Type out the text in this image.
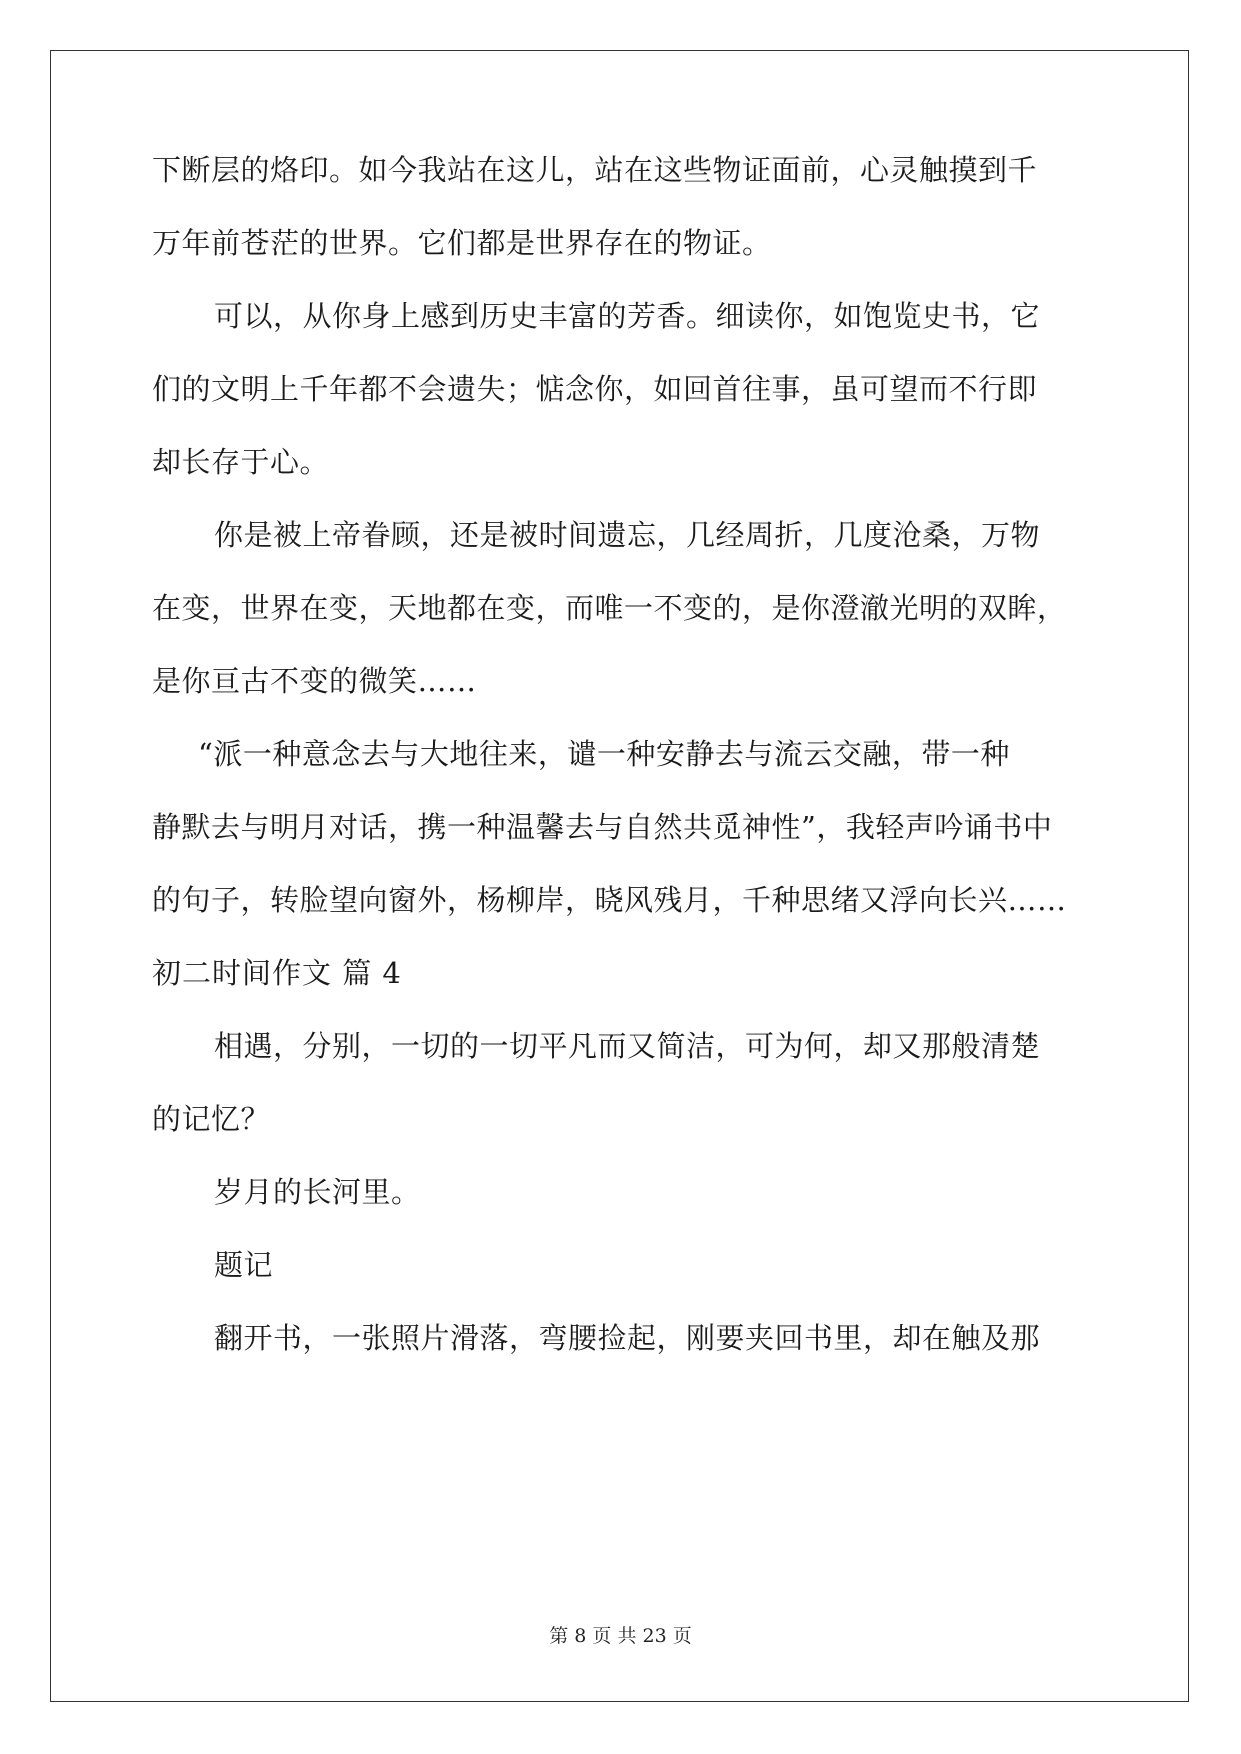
下断层的烙印。如今我站在这儿，站在这些物证面前，心灵触摸到千
万年前苍茫的世界。它们都是世界存在的物证。
可以，从你身上感到历史丰富的芳香。细读你，如饱览史书，它
们的文明上千年都不会遗失；惦念你，如回首往事，虽可望而不行即
却长存于心。
你是被上帝眷顾，还是被时间遗忘，几经周折，几度沧桑，万物
在变，世界在变，天地都在变，而唯一不变的，是你澄澈光明的双眸，
是你亘古不变的微笑……
“派一种意念去与大地往来，谴一种安静去与流云交融，带一种
静默去与明月对话，携一种温馨去与自然共觅神性”，我轻声吟诵书中
的句子，转脸望向窗外，杨柳岸，晓风残月，千种思绪又浮向长兴……
初二时间作文 篇 4
相遇，分别，一切的一切平凡而又简洁，可为何，却又那般清楚
的记忆？
岁月的长河里。
题记
翻开书，一张照片滑落，弯腰捡起，刚要夹回书里，却在触及那
第 8 页 共 23 页
